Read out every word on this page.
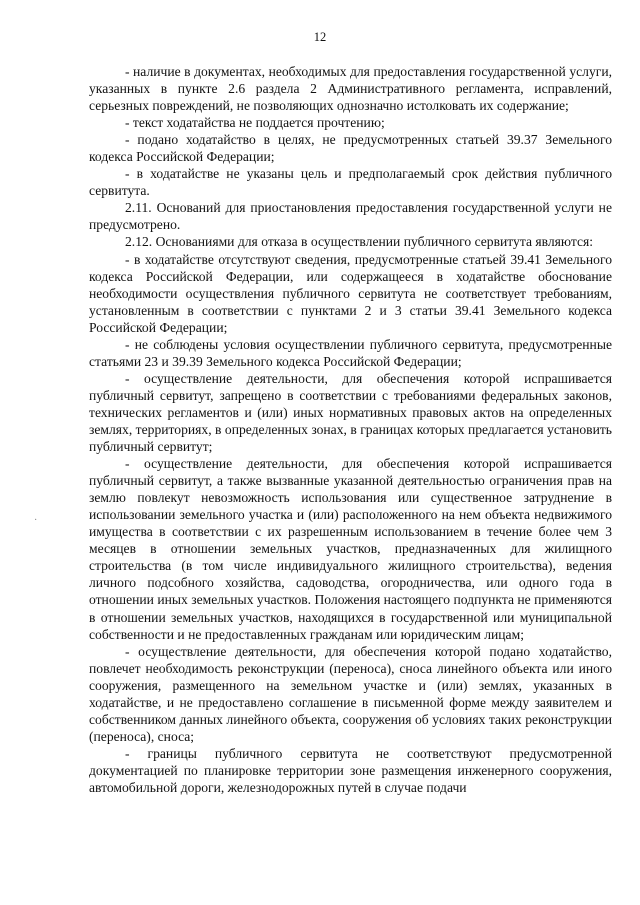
12
·

- наличие в документах, необходимых для предоставления государственной услуги, указанных в пункте 2.6 раздела 2 Административного регламента, исправлений, серьезных повреждений, не позволяющих однозначно истолковать их содержание;

- текст ходатайства не поддается прочтению;

- подано ходатайство в целях, не предусмотренных статьей 39.37 Земельного кодекса Российской Федерации;

- в ходатайстве не указаны цель и предполагаемый срок действия публичного сервитута.

2.11. Оснований для приостановления предоставления государственной услуги не предусмотрено.

2.12. Основаниями для отказа в осуществлении публичного сервитута являются:

- в ходатайстве отсутствуют сведения, предусмотренные статьей 39.41 Земельного кодекса Российской Федерации, или содержащееся в ходатайстве обоснование необходимости осуществления публичного сервитута не соответствует требованиям, установленным в соответствии с пунктами 2 и 3 статьи 39.41 Земельного кодекса Российской Федерации;

- не соблюдены условия осуществлении публичного сервитута, предусмотренные статьями 23 и 39.39 Земельного кодекса Российской Федерации;

- осуществление деятельности, для обеспечения которой испрашивается публичный сервитут, запрещено в соответствии с требованиями федеральных законов, технических регламентов и (или) иных нормативных правовых актов на определенных землях, территориях, в определенных зонах, в границах которых предлагается установить публичный сервитут;

- осуществление деятельности, для обеспечения которой испрашивается публичный сервитут, а также вызванные указанной деятельностью ограничения прав на землю повлекут невозможность использования или существенное затруднение в использовании земельного участка и (или) расположенного на нем объекта недвижимого имущества в соответствии с их разрешенным использованием в течение более чем 3 месяцев в отношении земельных участков, предназначенных для жилищного строительства (в том числе индивидуального жилищного строительства), ведения личного подсобного хозяйства, садоводства, огородничества, или одного года в отношении иных земельных участков. Положения настоящего подпункта не применяются в отношении земельных участков, находящихся в государственной или муниципальной собственности и не предоставленных гражданам или юридическим лицам;

- осуществление деятельности, для обеспечения которой подано ходатайство, повлечет необходимость реконструкции (переноса), сноса линейного объекта или иного сооружения, размещенного на земельном участке и (или) землях, указанных в ходатайстве, и не предоставлено соглашение в письменной форме между заявителем и собственником данных линейного объекта, сооружения об условиях таких реконструкции (переноса), сноса;

- границы публичного сервитута не соответствуют предусмотренной документацией по планировке территории зоне размещения инженерного сооружения, автомобильной дороги, железнодорожных путей в случае подачи
